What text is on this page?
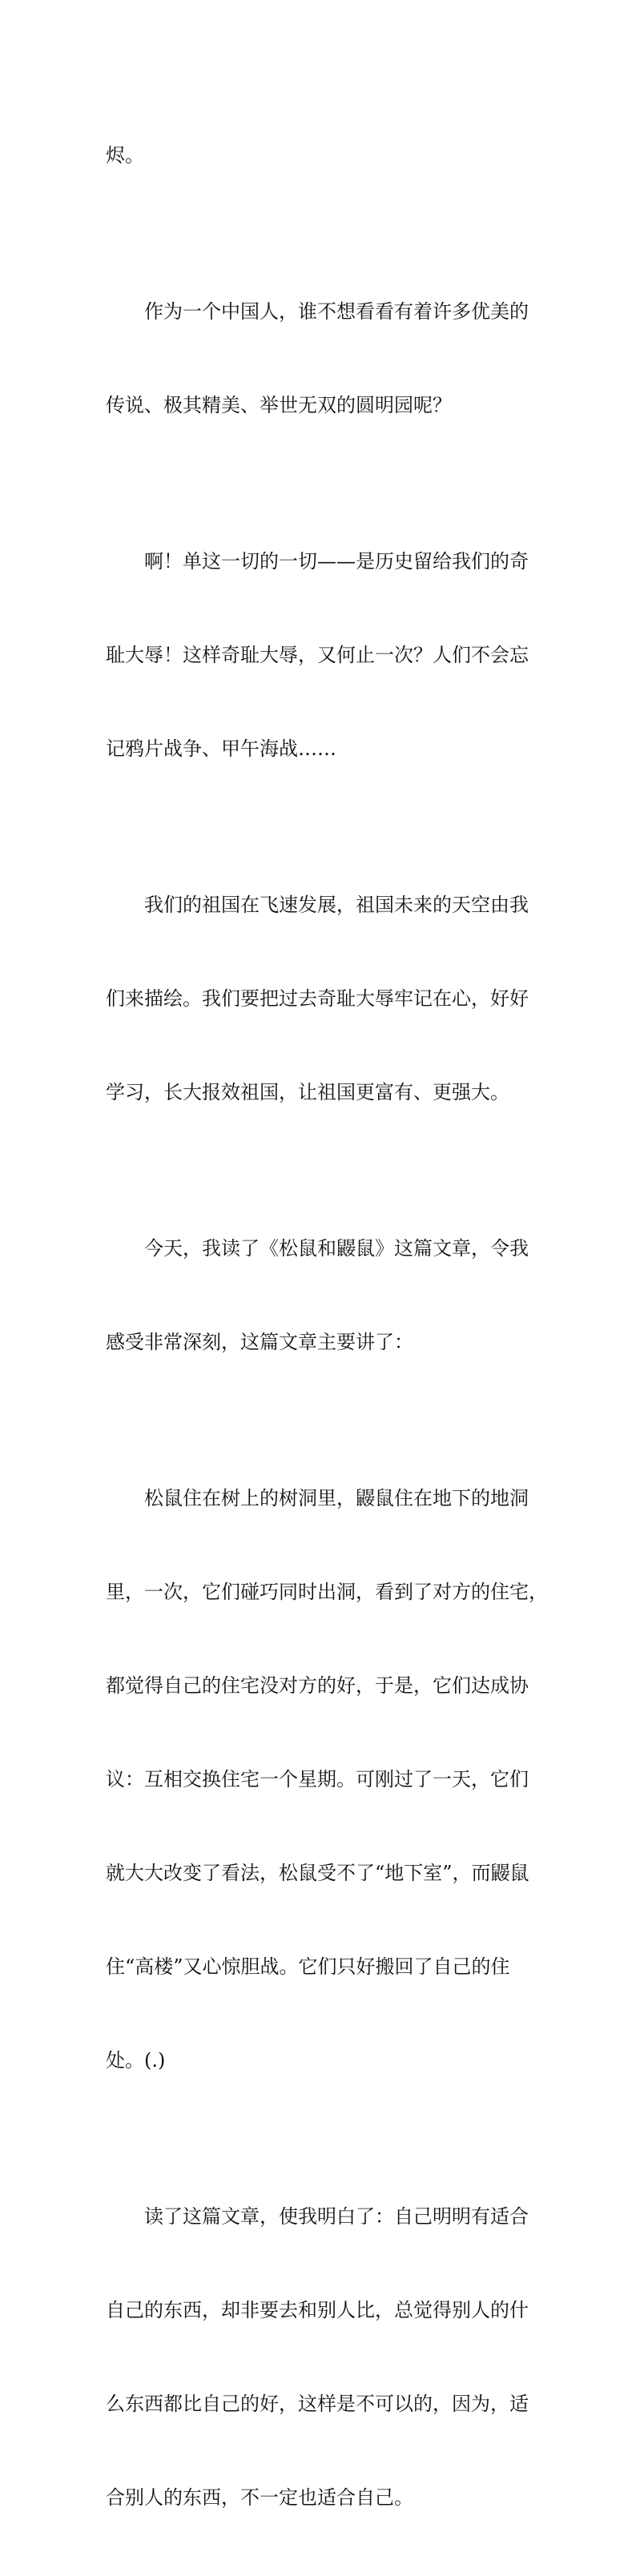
烬。

作为一个中国人，谁不想看看有着许多优美的

传说、极其精美、举世无双的圆明园呢？

啊！单这一切的一切——是历史留给我们的奇

耻大辱！这样奇耻大辱，又何止一次？人们不会忘

记鸦片战争、甲午海战……

我们的祖国在飞速发展，祖国未来的天空由我

们来描绘。我们要把过去奇耻大辱牢记在心，好好

学习，长大报效祖国，让祖国更富有、更强大。

今天，我读了《松鼠和鼹鼠》这篇文章，令我

感受非常深刻，这篇文章主要讲了：

松鼠住在树上的树洞里，鼹鼠住在地下的地洞

里，一次，它们碰巧同时出洞，看到了对方的住宅，

都觉得自己的住宅没对方的好，于是，它们达成协

议：互相交换住宅一个星期。可刚过了一天，它们

就大大改变了看法，松鼠受不了“地下室”，而鼹鼠

住“高楼”又心惊胆战。它们只好搬回了自己的住

处。(.)

读了这篇文章，使我明白了：自己明明有适合

自己的东西，却非要去和别人比，总觉得别人的什

么东西都比自己的好，这样是不可以的，因为，适

合别人的东西，不一定也适合自己。
